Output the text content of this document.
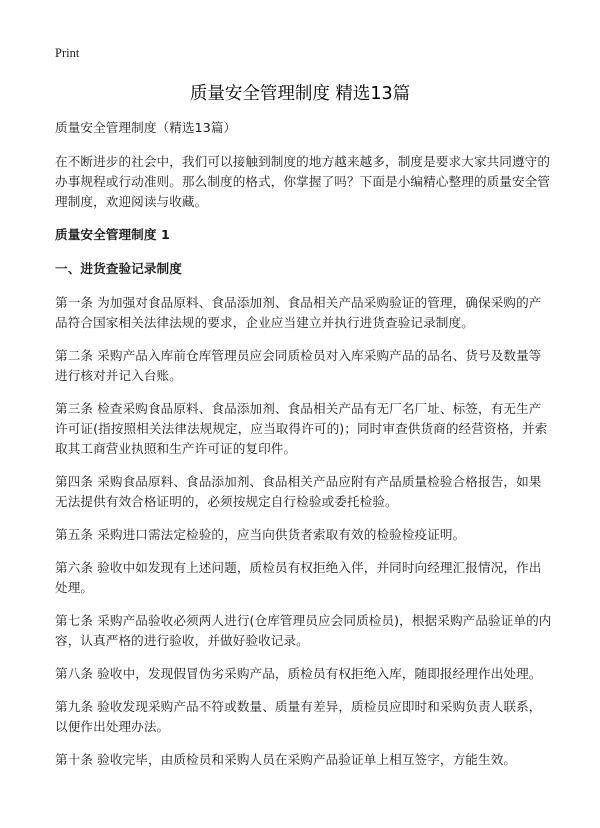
Print
质量安全管理制度 精选13篇

质量安全管理制度（精选13篇）

在不断进步的社会中，我们可以接触到制度的地方越来越多，制度是要求大家共同遵守的办事规程或行动准则。那么制度的格式，你掌握了吗？下面是小编精心整理的质量安全管理制度，欢迎阅读与收藏。

质量安全管理制度 1

一、进货查验记录制度

第一条 为加强对食品原料、食品添加剂、食品相关产品采购验证的管理，确保采购的产品符合国家相关法律法规的要求，企业应当建立并执行进货查验记录制度。

第二条 采购产品入库前仓库管理员应会同质检员对入库采购产品的品名、货号及数量等进行核对并记入台账。

第三条 检查采购食品原料、食品添加剂、食品相关产品有无厂名厂址、标签，有无生产许可证(指按照相关法律法规规定，应当取得许可的)；同时审查供货商的经营资格，并索取其工商营业执照和生产许可证的复印件。

第四条 采购食品原料、食品添加剂、食品相关产品应附有产品质量检验合格报告，如果无法提供有效合格证明的，必须按规定自行检验或委托检验。

第五条 采购进口需法定检验的，应当向供货者索取有效的检验检疫证明。

第六条 验收中如发现有上述问题，质检员有权拒绝入伴，并同时向经理汇报情况，作出处理。

第七条 采购产品验收必须两人进行(仓库管理员应会同质检员)，根据采购产品验证单的内容，认真严格的进行验收，并做好验收记录。

第八条 验收中，发现假冒伪劣采购产品，质检员有权拒绝入库，随即报经理作出处理。

第九条 验收发现采购产品不符或数量、质量有差异，质检员应即时和采购负责人联系，以便作出处理办法。

第十条 验收完毕，由质检员和采购人员在采购产品验证单上相互签字，方能生效。
